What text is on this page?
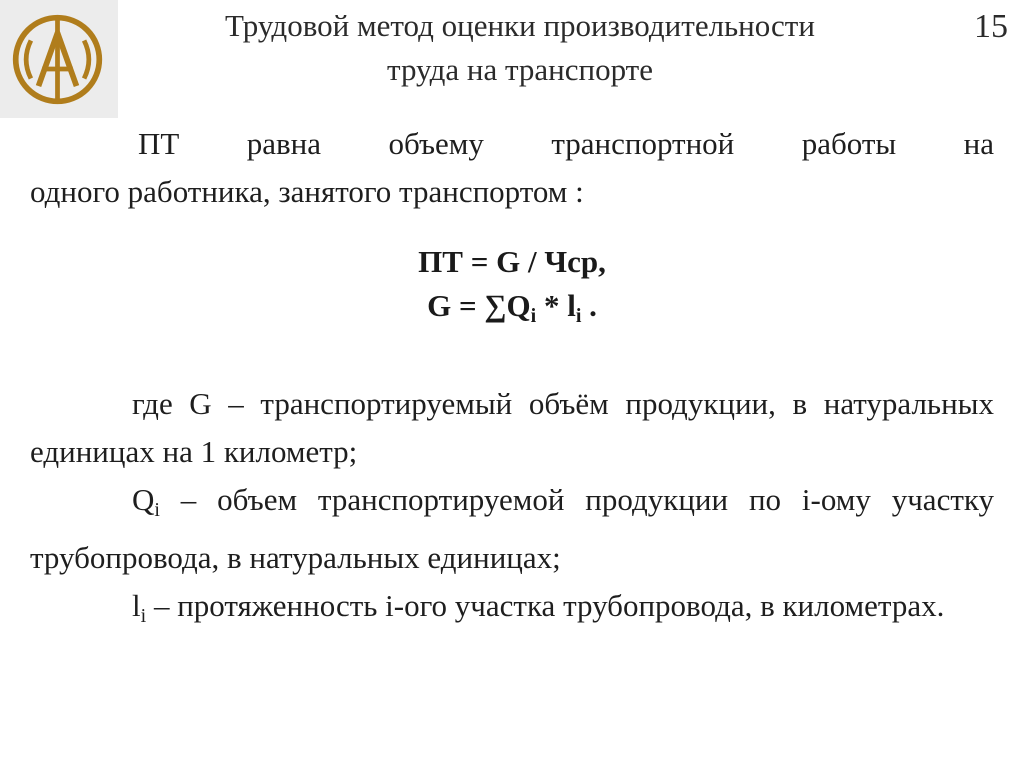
Трудовой метод оценки производительности
труда на транспорте
15
ПТ равна объему транспортной работы на
одного работника, занятого транспортом :
ПТ = G / Чср,
$G = \sum Q_i * l_i$ .

где G – транспортируемый объём продукции, в натуральных единицах на 1 километр;

$Q_i$ – объем транспортируемой продукции по i-ому участку трубопровода, в натуральных единицах;

$l_i$ – протяженность i-ого участка трубопровода, в километрах.
